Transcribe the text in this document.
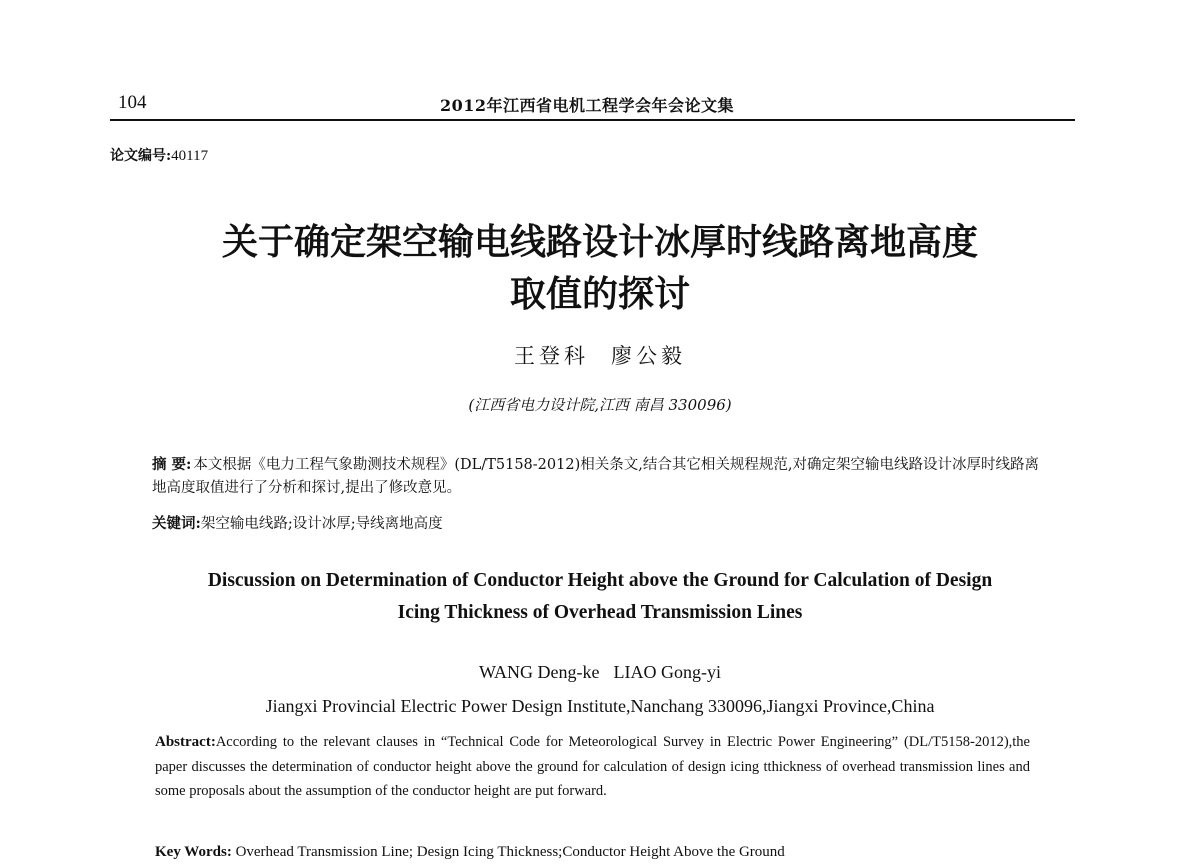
104	2012年江西省电机工程学会年会论文集
论文编号:40117
关于确定架空输电线路设计冰厚时线路离地高度
取值的探讨
王登科 廖公毅
(江西省电力设计院,江西 南昌 330096)
摘 要: 本文根据《电力工程气象勘测技术规程》(DL/T5158-2012)相关条文,结合其它相关规程规范,对确定架空输电线路设计冰厚时线路离地高度取值进行了分析和探讨,提出了修改意见。
关键词:架空输电线路;设计冰厚;导线离地高度
Discussion on Determination of Conductor Height above the Ground for Calculation of Design
Icing Thickness of Overhead Transmission Lines
WANG Deng-ke LIAO Gong-yi
Jiangxi Provincial Electric Power Design Institute,Nanchang 330096,Jiangxi Province,China
Abstract:According to the relevant clauses in “Technical Code for Meteorological Survey in Electric Power Engineering” (DL/T5158-2012),the paper discusses the determination of conductor height above the ground for calculation of design icing tthickness of overhead transmission lines and some proposals about the assumption of the conductor height are put forward.
Key Words: Overhead Transmission Line; Design Icing Thickness;Conductor Height Above the Ground
